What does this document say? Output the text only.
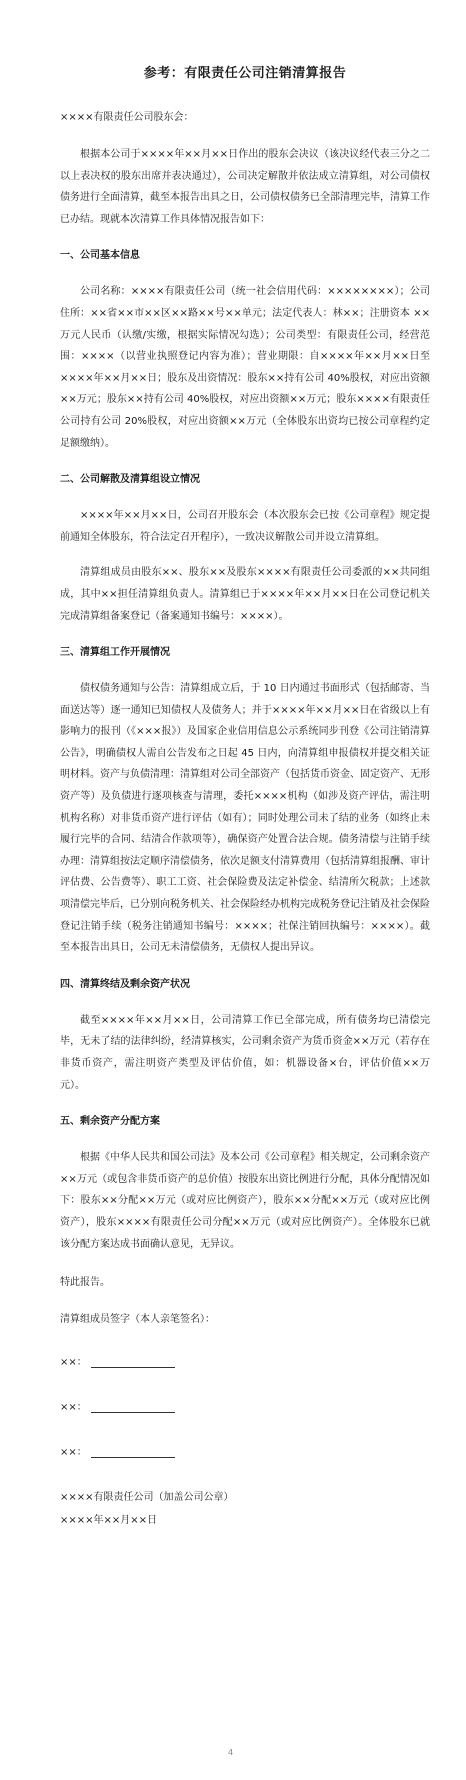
参考：有限责任公司注销清算报告
××××有限责任公司股东会：

根据本公司于××××年××月××日作出的股东会决议（该决议经代表三分之二以上表决权的股东出席并表决通过），公司决定解散并依法成立清算组，对公司债权债务进行全面清算，截至本报告出具之日，公司债权债务已全部清理完毕，清算工作已办结。现就本次清算工作具体情况报告如下：

一、公司基本信息

公司名称：××××有限责任公司（统一社会信用代码：××××××××）；公司住所：××省××市××区××路××号××单元；法定代表人：林××；注册资本 ××万元人民币（认缴/实缴，根据实际情况勾选）；公司类型：有限责任公司，经营范围：××××（以营业执照登记内容为准）；营业期限：自××××年××月××日至××××年××月××日；股东及出资情况：股东××持有公司 40%股权，对应出资额××万元；股东××持有公司 40%股权，对应出资额××万元；股东××××有限责任公司持有公司 20%股权，对应出资额××万元（全体股东出资均已按公司章程约定足额缴纳）。

二、公司解散及清算组设立情况

××××年××月××日，公司召开股东会（本次股东会已按《公司章程》规定提前通知全体股东，符合法定召开程序），一致决议解散公司并设立清算组。

清算组成员由股东××、股东××及股东××××有限责任公司委派的××共同组成，其中××担任清算组负责人。清算组已于××××年××月××日在公司登记机关完成清算组备案登记（备案通知书编号：××××）。

三、清算组工作开展情况

债权债务通知与公告：清算组成立后，于 10 日内通过书面形式（包括邮寄、当面送达等）逐一通知已知债权人及债务人；并于××××年××月××日在省级以上有影响力的报刊（《×××报》）及国家企业信用信息公示系统同步刊登《公司注销清算公告》，明确债权人需自公告发布之日起 45 日内，向清算组申报债权并提交相关证明材料。资产与负债清理：清算组对公司全部资产（包括货币资金、固定资产、无形资产等）及负债进行逐项核查与清理，委托××××机构（如涉及资产评估，需注明机构名称）对非货币资产进行评估（如有）；同时处理公司未了结的业务（如终止未履行完毕的合同、结清合作款项等），确保资产处置合法合规。债务清偿与注销手续办理：清算组按法定顺序清偿债务，依次足额支付清算费用（包括清算组报酬、审计评估费、公告费等）、职工工资、社会保险费及法定补偿金、结清所欠税款；上述款项清偿完毕后，已分别向税务机关、社会保险经办机构完成税务登记注销及社会保险登记注销手续（税务注销通知书编号：××××；社保注销回执编号：××××）。截至本报告出具日，公司无未清偿债务，无债权人提出异议。

四、清算终结及剩余资产状况

截至××××年××月××日，公司清算工作已全部完成，所有债务均已清偿完毕，无未了结的法律纠纷，经清算核实，公司剩余资产为货币资金××万元（若存在非货币资产，需注明资产类型及评估价值，如：机器设备×台，评估价值××万元）。

五、剩余资产分配方案

根据《中华人民共和国公司法》及本公司《公司章程》相关规定，公司剩余资产××万元（或包含非货币资产的总价值）按股东出资比例进行分配，具体分配情况如下：股东××分配××万元（或对应比例资产），股东××分配××万元（或对应比例资产），股东××××有限责任公司分配××万元（或对应比例资产）。全体股东已就该分配方案达成书面确认意见，无异议。

特此报告。
清算组成员签字（本人亲笔签名）：
××：
××：
××：
××××有限责任公司（加盖公司公章）
××××年××月××日
4
